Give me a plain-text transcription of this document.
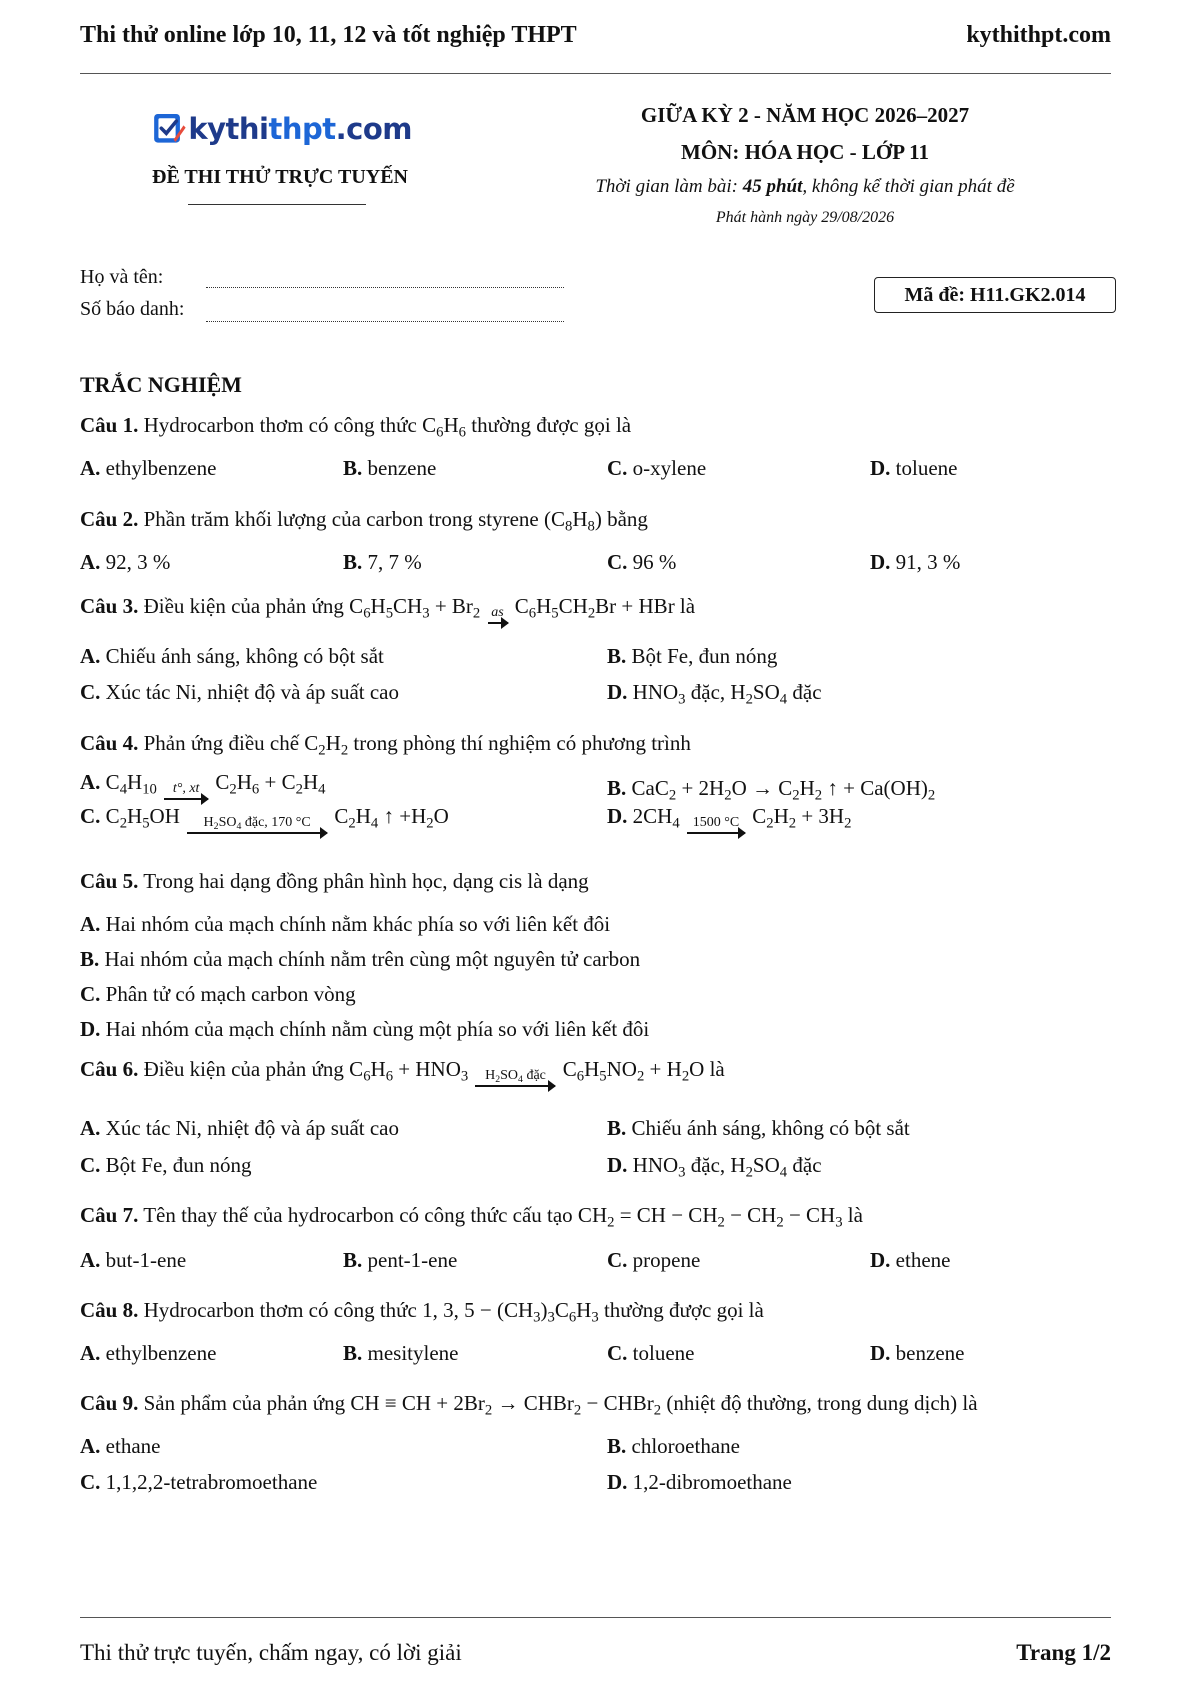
Thi thử online lớp 10, 11, 12 và tốt nghiệp THPT	kythithpt.com
kythithpt.com
ĐỀ THI THỬ TRỰC TUYẾN
GIỮA KỲ 2 - NĂM HỌC 2026–2027
MÔN: HÓA HỌC - LỚP 11
Thời gian làm bài: 45 phút, không kể thời gian phát đề
Phát hành ngày 29/08/2026
Họ và tên:
Số báo danh:
Mã đề: H11.GK2.014
TRẮC NGHIỆM
Câu 1. Hydrocarbon thơm có công thức $C_6H_6$ thường được gọi là
A. ethylbenzene	B. benzene	C. o-xylene	D. toluene
Câu 2. Phần trăm khối lượng của carbon trong styrene $(C_8H_8)$ bằng
A. 92, 3 %	B. 7, 7 %	C. 96 %	D. 91, 3 %
Câu 3. Điều kiện của phản ứng $C_6H_5CH_3 + Br_2$ as $C_6H_5CH_2Br$ + HBr là
A. Chiếu ánh sáng, không có bột sắt	B. Bột Fe, đun nóng
C. Xúc tác Ni, nhiệt độ và áp suất cao	D. $HNO_3$ đặc, $H_2SO_4$ đặc
Câu 4. Phản ứng điều chế $C_2H_2$ trong phòng thí nghiệm có phương trình
A. $C_4H_{10}$ t°, xt $C_2H_6 + C_2H_4$	B. $CaC_2 + 2H_2O \to C_2H_2$ ↑ + $Ca(OH)_2$
C. $C_2H_5OH$ $H_2SO_4$ đặc, 170 °C $C_2H_4$ ↑ $+H_2O$	D. $2CH_4$ 1500 °C $C_2H_2 + 3H_2$
Câu 5. Trong hai dạng đồng phân hình học, dạng cis là dạng
A. Hai nhóm của mạch chính nằm khác phía so với liên kết đôi
B. Hai nhóm của mạch chính nằm trên cùng một nguyên tử carbon
C. Phân tử có mạch carbon vòng
D. Hai nhóm của mạch chính nằm cùng một phía so với liên kết đôi
Câu 6. Điều kiện của phản ứng $C_6H_6 + HNO_3$ $H_2SO_4$ đặc $C_6H_5NO_2 + H_2O$ là
A. Xúc tác Ni, nhiệt độ và áp suất cao	B. Chiếu ánh sáng, không có bột sắt
C. Bột Fe, đun nóng	D. $HNO_3$ đặc, $H_2SO_4$ đặc
Câu 7. Tên thay thế của hydrocarbon có công thức cấu tạo $CH_2$ = CH − $CH_2 - CH_2 - CH_3$ là
A. but-1-ene	B. pent-1-ene	C. propene	D. ethene
Câu 8. Hydrocarbon thơm có công thức 1, 3, $5 - (CH_3)_3C_6H_3$ thường được gọi là
A. ethylbenzene	B. mesitylene	C. toluene	D. benzene
Câu 9. Sản phẩm của phản ứng CH ≡ CH + $2Br_2$ → CHBr$_2$ − CHBr$_2$ (nhiệt độ thường, trong dung dịch) là
A. ethane	B. chloroethane
C. 1,1,2,2-tetrabromoethane	D. 1,2-dibromoethane
Thi thử trực tuyến, chấm ngay, có lời giải	Trang 1/2
